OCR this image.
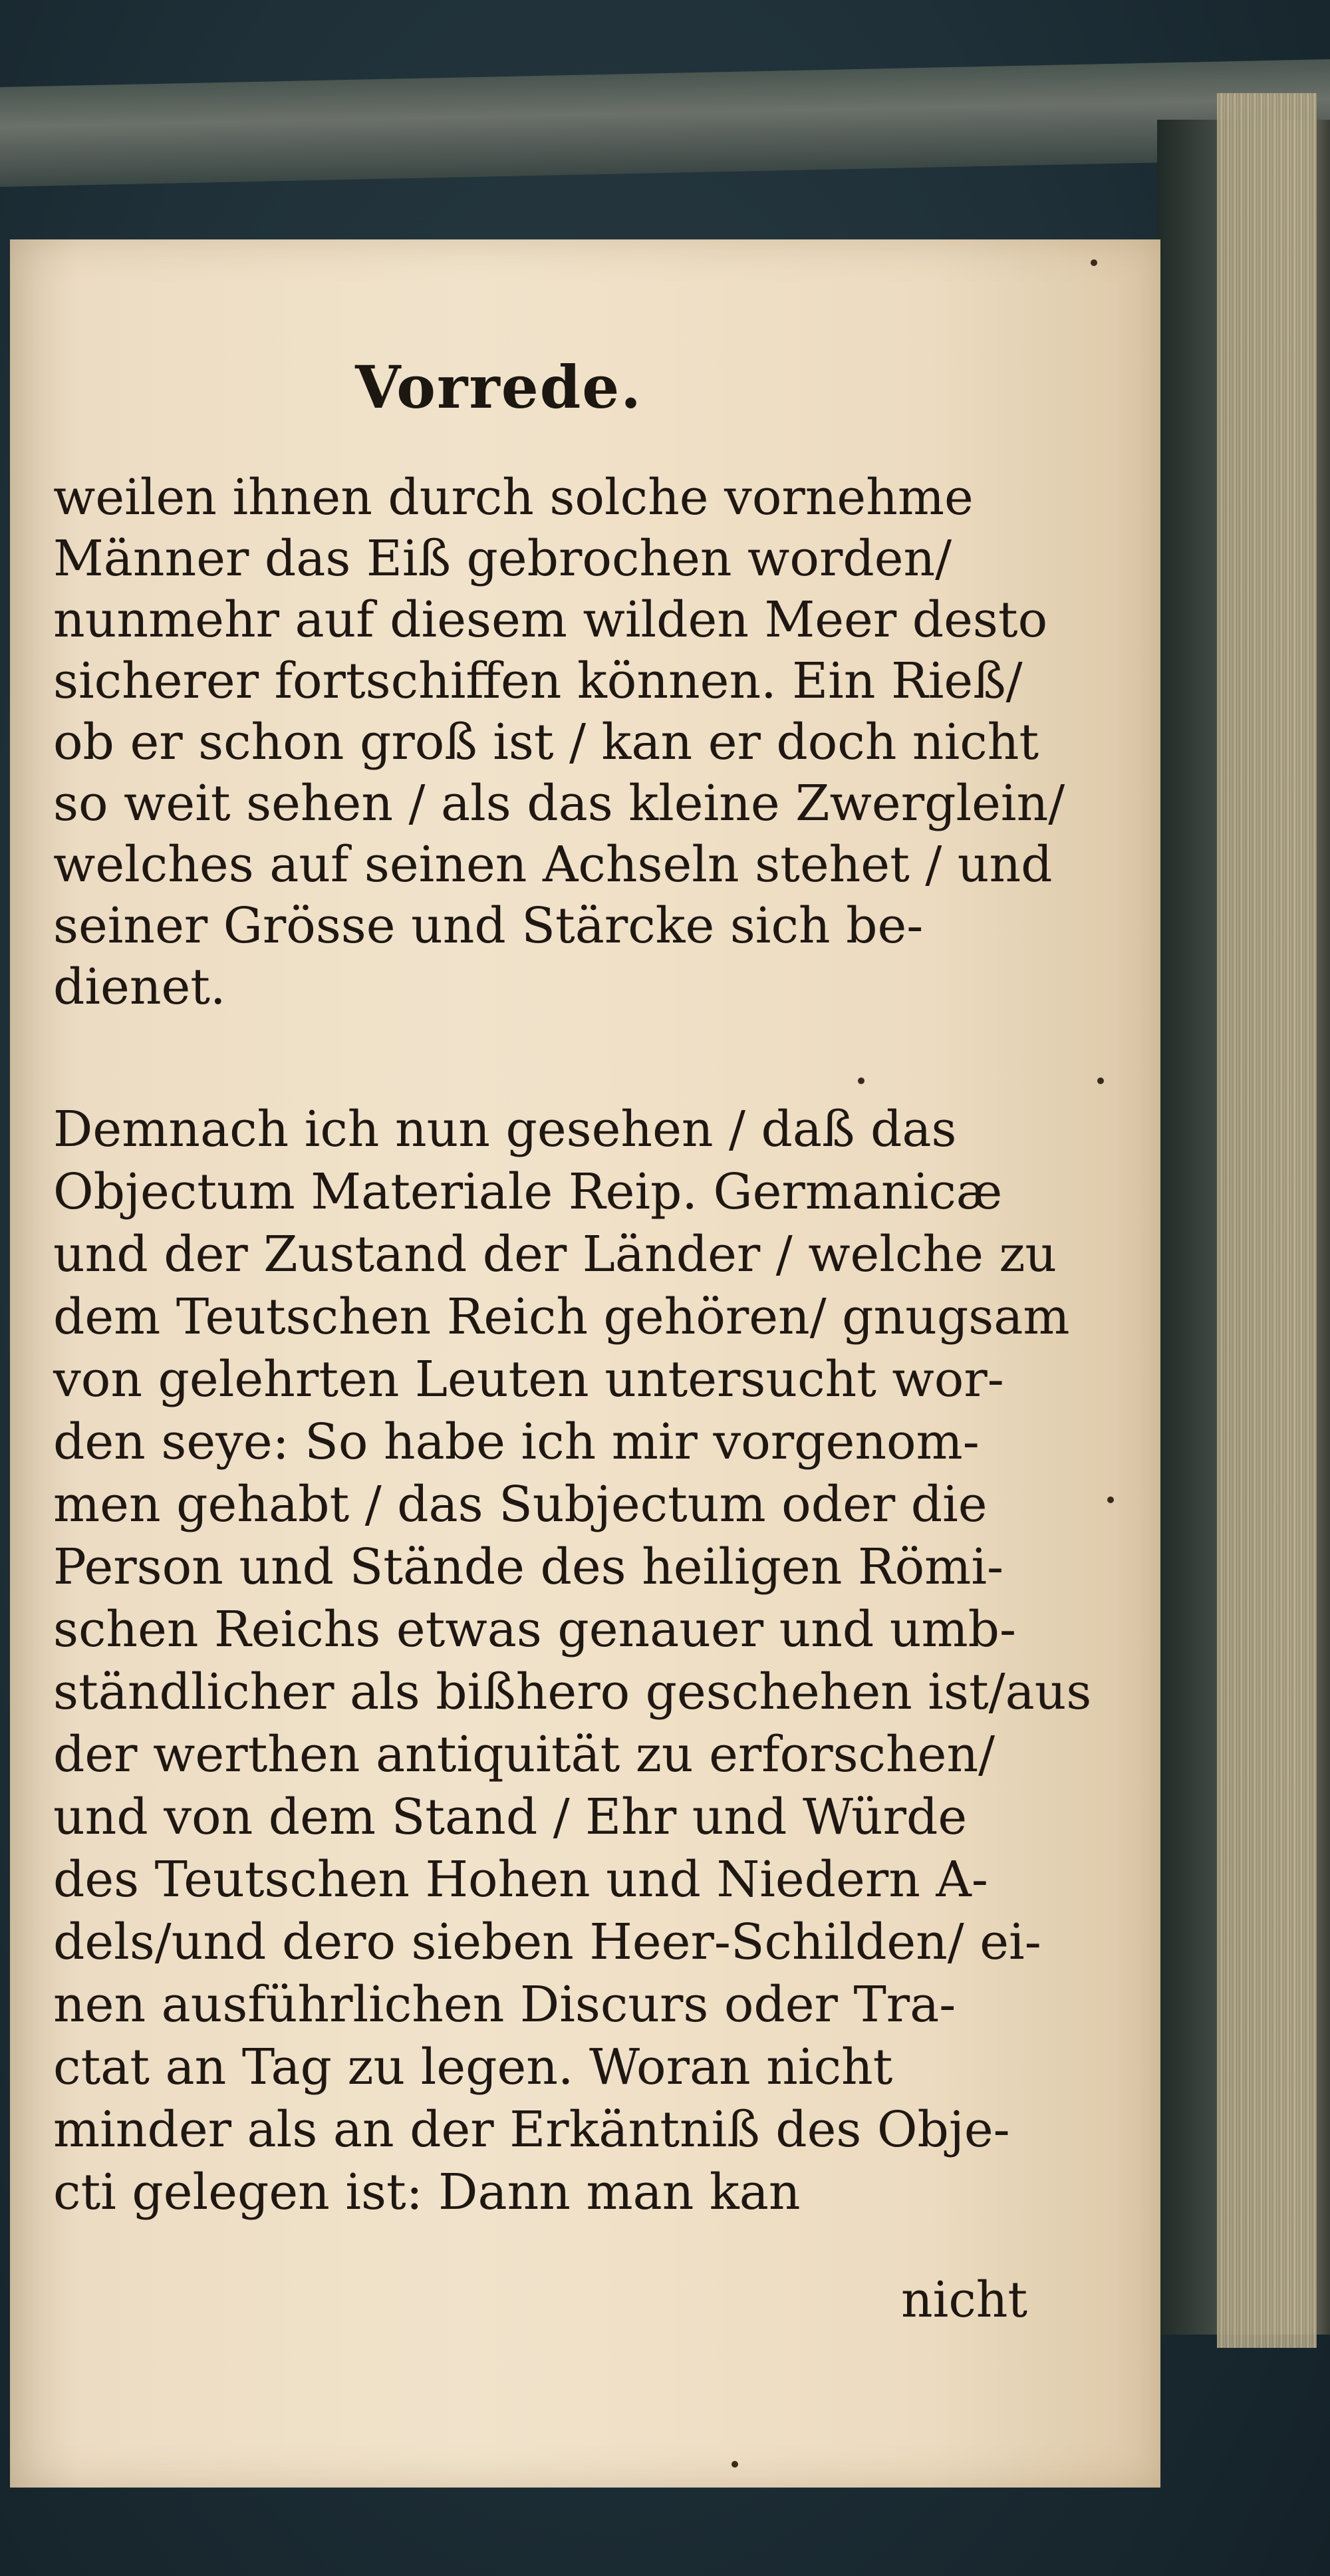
Vorrede.
weilen ihnen durch solche vornehme
Männer das Eiß gebrochen worden/
nunmehr auf diesem wilden Meer desto
sicherer fortschiffen können. Ein Rieß/
ob er schon groß ist / kan er doch nicht
so weit sehen / als das kleine Zwerglein/
welches auf seinen Achseln stehet / und
seiner Grösse und Stärcke sich be-
dienet.
Demnach ich nun gesehen / daß das
Objectum Materiale Reip. Germanicæ
und der Zustand der Länder / welche zu
dem Teutschen Reich gehören/ gnugsam
von gelehrten Leuten untersucht wor-
den seye: So habe ich mir vorgenom-
men gehabt / das Subjectum oder die
Person und Stände des heiligen Römi-
schen Reichs etwas genauer und umb-
ständlicher als bißhero geschehen ist/aus
der werthen antiquität zu erforschen/
und von dem Stand / Ehr und Würde
des Teutschen Hohen und Niedern A-
dels/und dero sieben Heer-Schilden/ ei-
nen ausführlichen Discurs oder Tra-
ctat an Tag zu legen. Woran nicht
minder als an der Erkäntniß des Obje-
cti gelegen ist: Dann man kan
nicht
